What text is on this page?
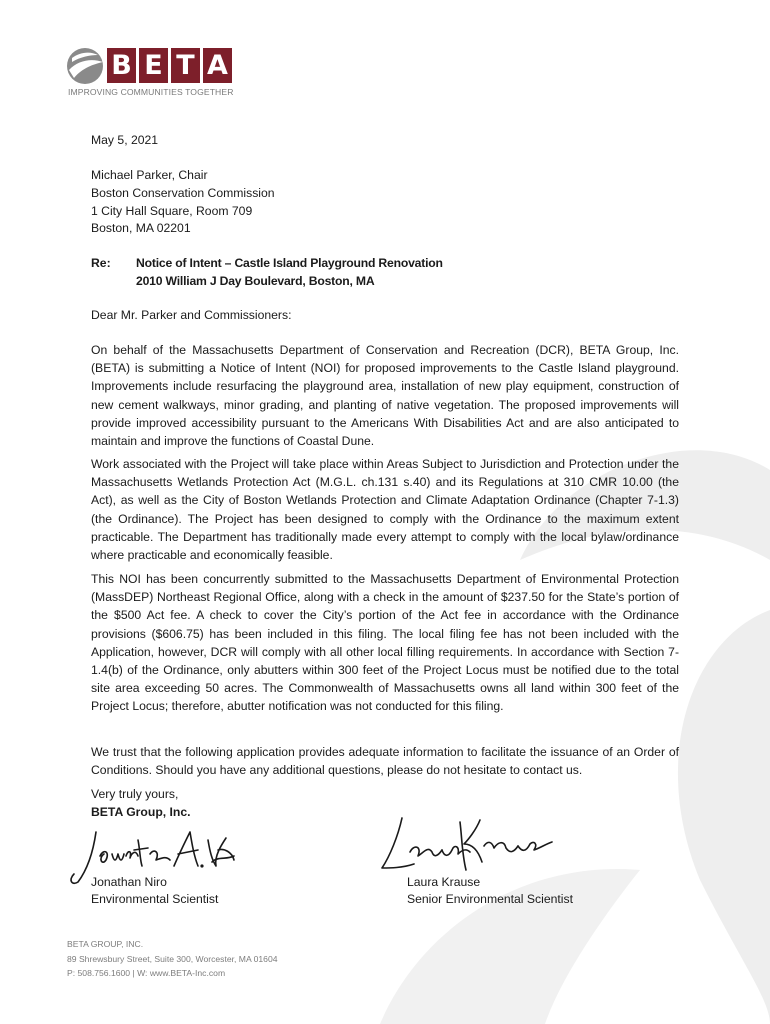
B E T A
IMPROVING COMMUNITIES TOGETHER
May 5, 2021
Michael Parker, Chair
Boston Conservation Commission
1 City Hall Square, Room 709
Boston, MA 02201
Re: Notice of Intent – Castle Island Playground Renovation
2010 William J Day Boulevard, Boston, MA
Dear Mr. Parker and Commissioners:
On behalf of the Massachusetts Department of Conservation and Recreation (DCR), BETA Group, Inc. (BETA) is submitting a Notice of Intent (NOI) for proposed improvements to the Castle Island playground. Improvements include resurfacing the playground area, installation of new play equipment, construction of new cement walkways, minor grading, and planting of native vegetation. The proposed improvements will provide improved accessibility pursuant to the Americans With Disabilities Act and are also anticipated to maintain and improve the functions of Coastal Dune.
Work associated with the Project will take place within Areas Subject to Jurisdiction and Protection under the Massachusetts Wetlands Protection Act (M.G.L. ch.131 s.40) and its Regulations at 310 CMR 10.00 (the Act), as well as the City of Boston Wetlands Protection and Climate Adaptation Ordinance (Chapter 7-1.3) (the Ordinance). The Project has been designed to comply with the Ordinance to the maximum extent practicable. The Department has traditionally made every attempt to comply with the local bylaw/ordinance where practicable and economically feasible.
This NOI has been concurrently submitted to the Massachusetts Department of Environmental Protection (MassDEP) Northeast Regional Office, along with a check in the amount of $237.50 for the State’s portion of the $500 Act fee. A check to cover the City’s portion of the Act fee in accordance with the Ordinance provisions ($606.75) has been included in this filing. The local filing fee has not been included with the Application, however, DCR will comply with all other local filling requirements. In accordance with Section 7-1.4(b) of the Ordinance, only abutters within 300 feet of the Project Locus must be notified due to the total site area exceeding 50 acres. The Commonwealth of Massachusetts owns all land within 300 feet of the Project Locus; therefore, abutter notification was not conducted for this filing.
We trust that the following application provides adequate information to facilitate the issuance of an Order of Conditions. Should you have any additional questions, please do not hesitate to contact us.
Very truly yours,
BETA Group, Inc.
Jonathan Niro
Environmental Scientist
Laura Krause
Senior Environmental Scientist
BETA GROUP, INC.
89 Shrewsbury Street, Suite 300, Worcester, MA 01604
P: 508.756.1600 | W: www.BETA-Inc.com
